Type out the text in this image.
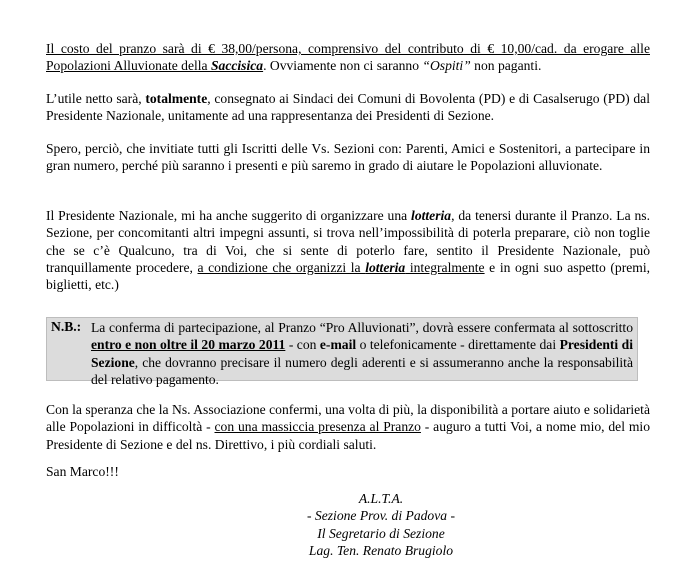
Il costo del pranzo sarà di € 38,00/persona, comprensivo del contributo di € 10,00/cad. da erogare alle Popolazioni Alluvionate della Saccisica. Ovviamente non ci saranno “Ospiti” non paganti.

L’utile netto sarà, totalmente, consegnato ai Sindaci dei Comuni di Bovolenta (PD) e di Casalserugo (PD) dal Presidente Nazionale, unitamente ad una rappresentanza dei Presidenti di Sezione.

Spero, perciò, che invitiate tutti gli Iscritti delle Vs. Sezioni con: Parenti, Amici e Sostenitori, a partecipare in gran numero, perché più saranno i presenti e più saremo in grado di aiutare le Popolazioni alluvionate.

Il Presidente Nazionale, mi ha anche suggerito di organizzare una lotteria, da tenersi durante il Pranzo. La ns. Sezione, per concomitanti altri impegni assunti, si trova nell’impossibilità di poterla preparare, ciò non toglie che se c’è Qualcuno, tra di Voi, che si sente di poterlo fare, sentito il Presidente Nazionale, può tranquillamente procedere, a condizione che organizzi la lotteria integralmente e in ogni suo aspetto (premi, biglietti, etc.)

N.B.: La conferma di partecipazione, al Pranzo “Pro Alluvionati”, dovrà essere confermata al sottoscritto entro e non oltre il 20 marzo 2011 - con e-mail o telefonicamente - direttamente dai Presidenti di Sezione, che dovranno precisare il numero degli aderenti e si assumeranno anche la responsabilità del relativo pagamento.

Con la speranza che la Ns. Associazione confermi, una volta di più, la disponibilità a portare aiuto e solidarietà alle Popolazioni in difficoltà - con una massiccia presenza al Pranzo - auguro a tutti Voi, a nome mio, del mio Presidente di Sezione e del ns. Direttivo, i più cordiali saluti.

San Marco!!!

A.L.T.A.
- Sezione Prov. di Padova -
Il Segretario di Sezione
Lag. Ten. Renato Brugiolo
